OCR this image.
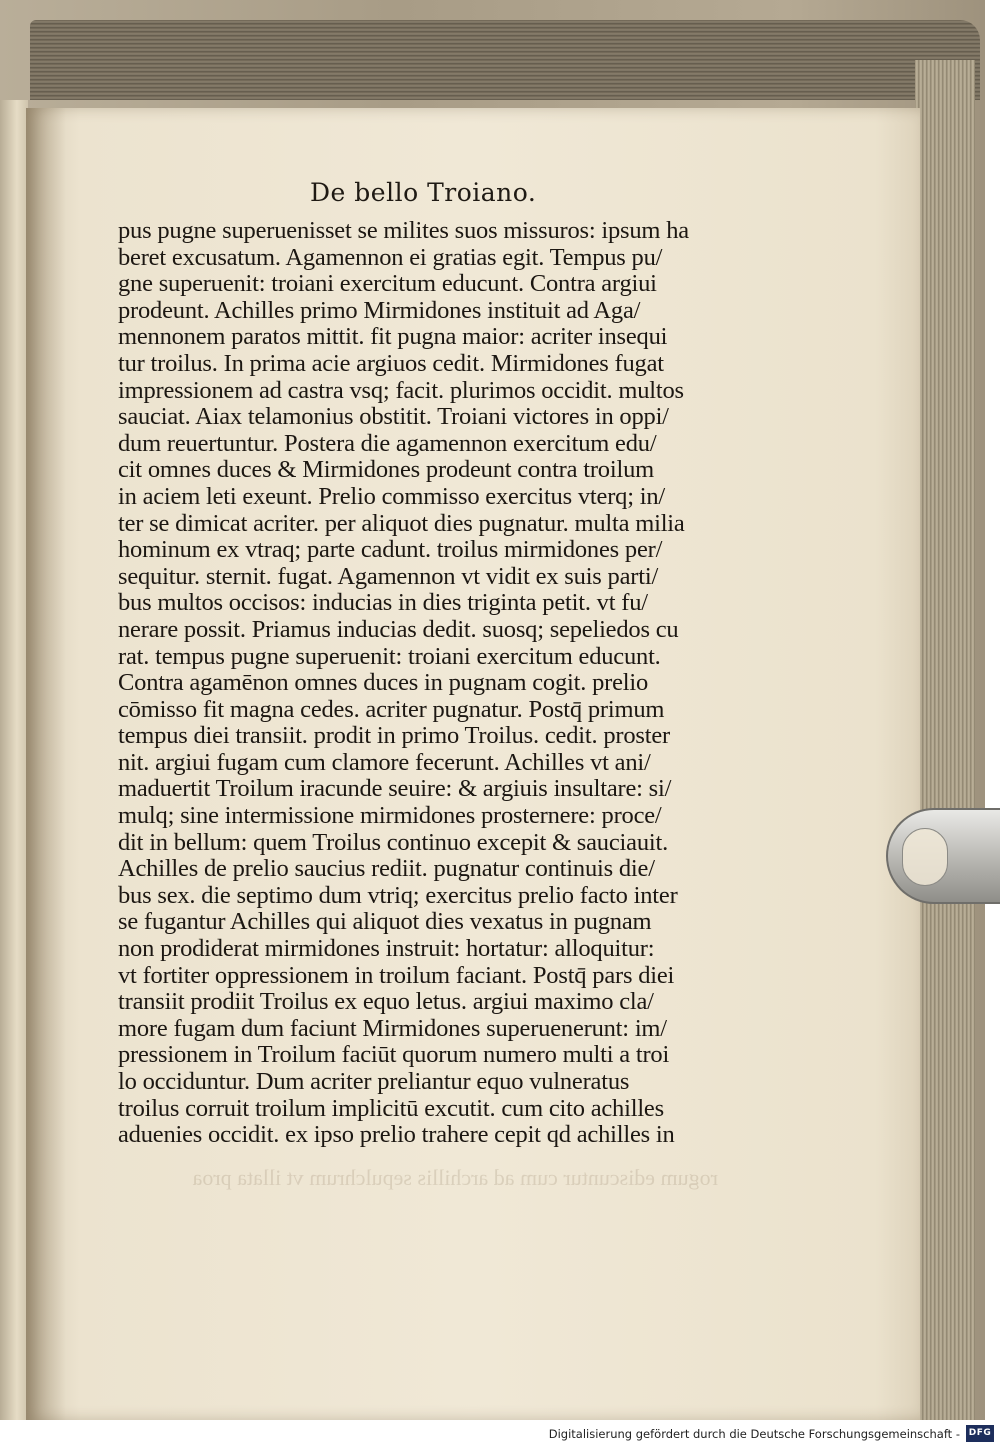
De bello Troiano.
pus pugne superuenisset se milites suos missuros: ipsum ha
beret excusatum. Agamennon ei gratias egit. Tempus pu/
gne superuenit: troiani exercitum educunt. Contra argiui
prodeunt. Achilles primo Mirmidones instituit ad Aga/
mennonem paratos mittit. fit pugna maior: acriter insequi
tur troilus. In prima acie argiuos cedit. Mirmidones fugat
impressionem ad castra vsq; facit. plurimos occidit. multos
sauciat. Aiax telamonius obstitit. Troiani victores in oppi/
dum reuertuntur. Postera die agamennon exercitum edu/
cit omnes duces & Mirmidones prodeunt contra troilum
in aciem leti exeunt. Prelio commisso exercitus vterq; in/
ter se dimicat acriter. per aliquot dies pugnatur. multa milia
hominum ex vtraq; parte cadunt. troilus mirmidones per/
sequitur. sternit. fugat. Agamennon vt vidit ex suis parti/
bus multos occisos: inducias in dies triginta petit. vt fu/
nerare possit. Priamus inducias dedit. suosq; sepeliedos cu
rat. tempus pugne superuenit: troiani exercitum educunt.
Contra agamēnon omnes duces in pugnam cogit. prelio
cōmisso fit magna cedes. acriter pugnatur. Postq̄ primum
tempus diei transiit. prodit in primo Troilus. cedit. proster
nit. argiui fugam cum clamore fecerunt. Achilles vt ani/
maduertit Troilum iracunde seuire: & argiuis insultare: si/
mulq; sine intermissione mirmidones prosternere: proce/
dit in bellum: quem Troilus continuo excepit & sauciauit.
Achilles de prelio saucius rediit. pugnatur continuis die/
bus sex. die septimo dum vtriq; exercitus prelio facto inter
se fugantur Achilles qui aliquot dies vexatus in pugnam
non prodiderat mirmidones instruit: hortatur: alloquitur:
vt fortiter oppressionem in troilum faciant. Postq̄ pars diei
transiit prodiit Troilus ex equo letus. argiui maximo cla/
more fugam dum faciunt Mirmidones superuenerunt: im/
pressionem in Troilum faciūt quorum numero multi a troi
lo occiduntur. Dum acriter preliantur equo vulneratus
troilus corruit troilum implicitū excutit. cum cito achilles
aduenies occidit. ex ipso prelio trahere cepit qd achilles in
rogum ediscuntur cum ad archillis sepulchrum vt illata proa
Digitalisierung gefördert durch die Deutsche Forschungsgemeinschaft - DFG
